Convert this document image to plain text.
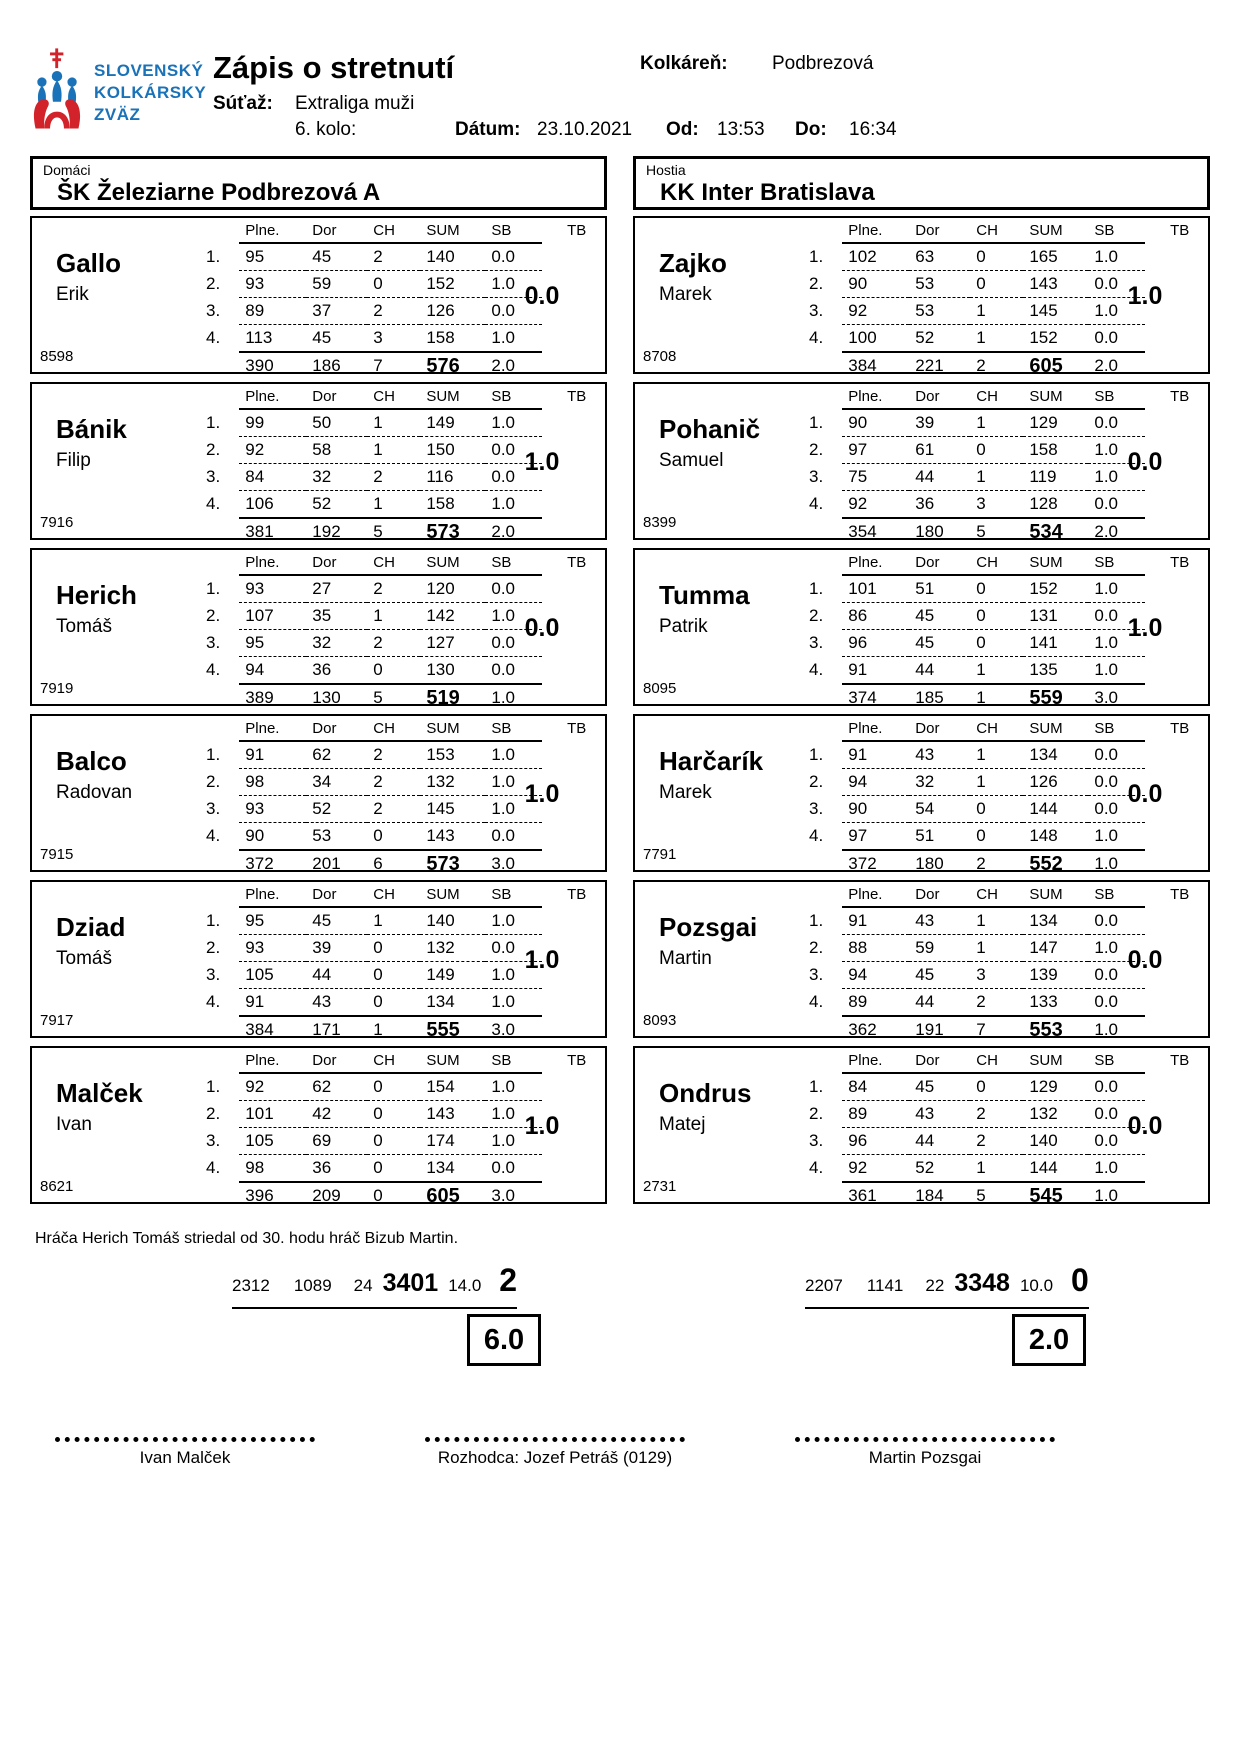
SLOVENSKÝ
KOLKÁRSKY
ZVÄZ
Zápis o stretnutí	Kolkáreň: Podbrezová
Súťaž: Extraliga muži
6. kolo:	Dátum: 23.10.2021 Od: 13:53 Do: 16:34
Domáci
ŠK Železiarne Podbrezová A
Hostia
KK Inter Bratislava
Gallo
Erik
8598
	Plne.	Dor	CH	SUM	SB	TB
1.	95	45	2	140	0.0	
2.	93	59	0	152	1.0	
3.	89	37	2	126	0.0	
4.	113	45	3	158	1.0	
	390	186	7	576	2.0	
0.0
Bánik
Filip
7916
	Plne.	Dor	CH	SUM	SB	TB
1.	99	50	1	149	1.0	
2.	92	58	1	150	0.0	
3.	84	32	2	116	0.0	
4.	106	52	1	158	1.0	
	381	192	5	573	2.0	
1.0
Herich
Tomáš
7919
	Plne.	Dor	CH	SUM	SB	TB
1.	93	27	2	120	0.0	
2.	107	35	1	142	1.0	
3.	95	32	2	127	0.0	
4.	94	36	0	130	0.0	
	389	130	5	519	1.0	
0.0
Balco
Radovan
7915
	Plne.	Dor	CH	SUM	SB	TB
1.	91	62	2	153	1.0	
2.	98	34	2	132	1.0	
3.	93	52	2	145	1.0	
4.	90	53	0	143	0.0	
	372	201	6	573	3.0	
1.0
Dziad
Tomáš
7917
	Plne.	Dor	CH	SUM	SB	TB
1.	95	45	1	140	1.0	
2.	93	39	0	132	0.0	
3.	105	44	0	149	1.0	
4.	91	43	0	134	1.0	
	384	171	1	555	3.0	
1.0
Malček
Ivan
8621
	Plne.	Dor	CH	SUM	SB	TB
1.	92	62	0	154	1.0	
2.	101	42	0	143	1.0	
3.	105	69	0	174	1.0	
4.	98	36	0	134	0.0	
	396	209	0	605	3.0	
1.0
Zajko
Marek
8708
	Plne.	Dor	CH	SUM	SB	TB
1.	102	63	0	165	1.0	
2.	90	53	0	143	0.0	
3.	92	53	1	145	1.0	
4.	100	52	1	152	0.0	
	384	221	2	605	2.0	
1.0
Pohanič
Samuel
8399
	Plne.	Dor	CH	SUM	SB	TB
1.	90	39	1	129	0.0	
2.	97	61	0	158	1.0	
3.	75	44	1	119	1.0	
4.	92	36	3	128	0.0	
	354	180	5	534	2.0	
0.0
Tumma
Patrik
8095
	Plne.	Dor	CH	SUM	SB	TB
1.	101	51	0	152	1.0	
2.	86	45	0	131	0.0	
3.	96	45	0	141	1.0	
4.	91	44	1	135	1.0	
	374	185	1	559	3.0	
1.0
Harčarík
Marek
7791
	Plne.	Dor	CH	SUM	SB	TB
1.	91	43	1	134	0.0	
2.	94	32	1	126	0.0	
3.	90	54	0	144	0.0	
4.	97	51	0	148	1.0	
	372	180	2	552	1.0	
0.0
Pozsgai
Martin
8093
	Plne.	Dor	CH	SUM	SB	TB
1.	91	43	1	134	0.0	
2.	88	59	1	147	1.0	
3.	94	45	3	139	0.0	
4.	89	44	2	133	0.0	
	362	191	7	553	1.0	
0.0
Ondrus
Matej
2731
	Plne.	Dor	CH	SUM	SB	TB
1.	84	45	0	129	0.0	
2.	89	43	2	132	0.0	
3.	96	44	2	140	0.0	
4.	92	52	1	144	1.0	
	361	184	5	545	1.0	
0.0
Hráča Herich Tomáš striedal od 30. hodu hráč Bizub Martin.
2312 1089 24 3401 14.0 2	2207 1141 22 3348 10.0 0
6.0	2.0
Ivan Malček	Rozhodca: Jozef Petráš (0129)	Martin Pozsgai
